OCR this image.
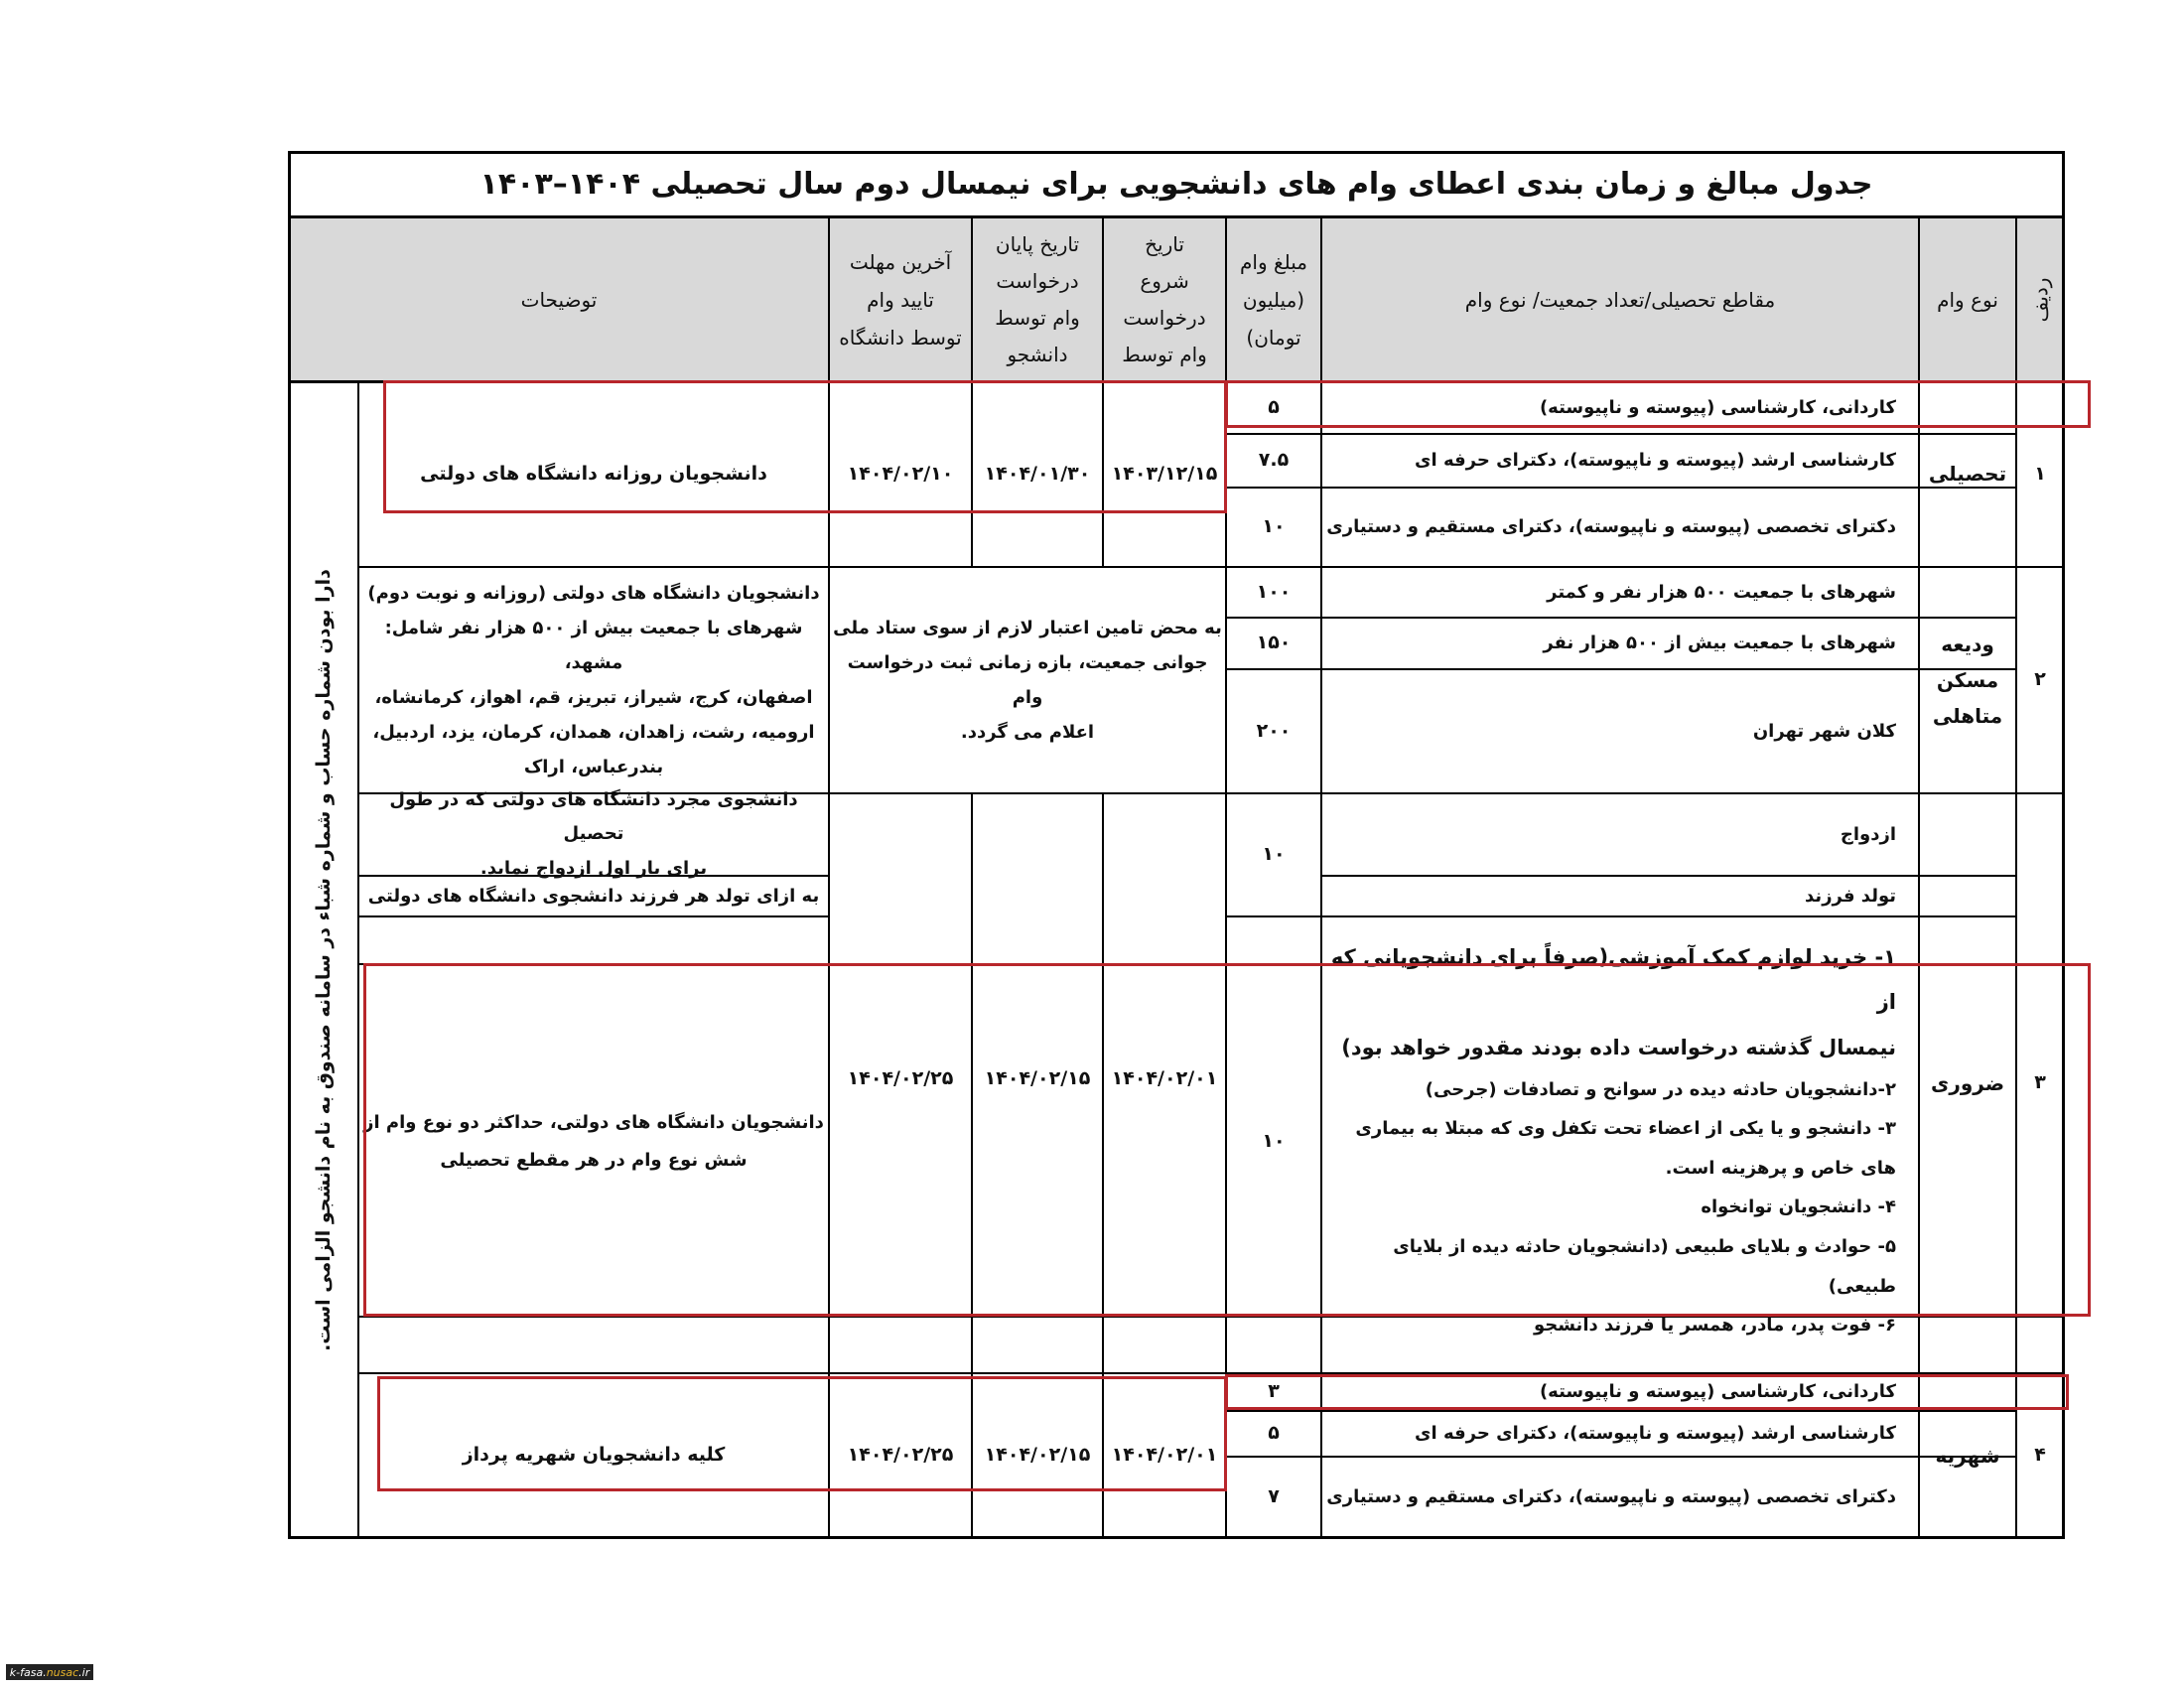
جدول مبالغ و زمان بندی اعطای وام های دانشجویی برای نیمسال دوم سال تحصیلی ۱۴۰۴–۱۴۰۳
ردیف
نوع وام
مقاطع تحصیلی/تعداد جمعیت/ نوع وام
مبلغ وام
(میلیون
تومان)
تاریخ
شروع
درخواست
وام توسط
تاریخ پایان
درخواست
وام توسط
دانشجو
آخرین مهلت
تایید وام
توسط دانشگاه
توضیحات
دارا بودن شماره حساب و شماره شباء در سامانه صندوق به نام دانشجو الزامی است.
۱
تحصیلی
کاردانی، کارشناسی (پیوسته و ناپیوسته)
کارشناسی ارشد (پیوسته و ناپیوسته)، دکترای حرفه ای
دکترای تخصصی (پیوسته و ناپیوسته)، دکترای مستقیم و دستیاری
۵
۷.۵
۱۰
۱۴۰۳/۱۲/۱۵
۱۴۰۴/۰۱/۳۰
۱۴۰۴/۰۲/۱۰
دانشجویان روزانه دانشگاه های دولتی
۲
ودیعه
مسکن
متاهلی
شهرهای با جمعیت ۵۰۰ هزار نفر و کمتر
شهرهای با جمعیت بیش از ۵۰۰ هزار نفر
کلان شهر تهران
۱۰۰
۱۵۰
۲۰۰
به محض تامین اعتبار لازم از سوی ستاد ملی
جوانی جمعیت، بازه زمانی ثبت درخواست وام
اعلام می گردد.
دانشجویان دانشگاه های دولتی (روزانه و نوبت دوم)
شهرهای با جمعیت بیش از ۵۰۰ هزار نفر شامل: مشهد،
اصفهان، کرج، شیراز، تبریز، قم، اهواز، کرمانشاه،
ارومیه، رشت، زاهدان، همدان، کرمان، یزد، اردبیل،
بندرعباس، اراک
۳
ضروری
ازدواج
تولد فرزند
۱۰
دانشجوی مجرد دانشگاه های دولتی که در طول تحصیل
برای بار اول ازدواج نماید.
به ازای تولد هر فرزند دانشجوی دانشگاه های دولتی
۱- خرید لوازم کمک آموزشی(صرفاً برای دانشجویانی که از
نیمسال گذشته درخواست داده بودند مقدور خواهد بود)
۲-دانشجویان حادثه دیده در سوانح و تصادفات (جرحی)
۳- دانشجو و یا یکی از اعضاء تحت تکفل وی که مبتلا به بیماری
های خاص و پرهزینه است.
۴- دانشجویان توانخواه
۵- حوادث و بلایای طبیعی (دانشجویان حادثه دیده از بلایای طبیعی)
۶- فوت پدر، مادر، همسر یا فرزند دانشجو
۱۰
۱۴۰۴/۰۲/۰۱
۱۴۰۴/۰۲/۱۵
۱۴۰۴/۰۲/۲۵
دانشجویان دانشگاه های دولتی، حداکثر دو نوع وام از
شش نوع وام در هر مقطع تحصیلی
۴
شهریه
کاردانی، کارشناسی (پیوسته و ناپیوسته)
کارشناسی ارشد (پیوسته و ناپیوسته)، دکترای حرفه ای
دکترای تخصصی (پیوسته و ناپیوسته)، دکترای مستقیم و دستیاری
۳
۵
۷
۱۴۰۴/۰۲/۰۱
۱۴۰۴/۰۲/۱۵
۱۴۰۴/۰۲/۲۵
کلیه دانشجویان شهریه پرداز
k-fasa. nusac .ir
